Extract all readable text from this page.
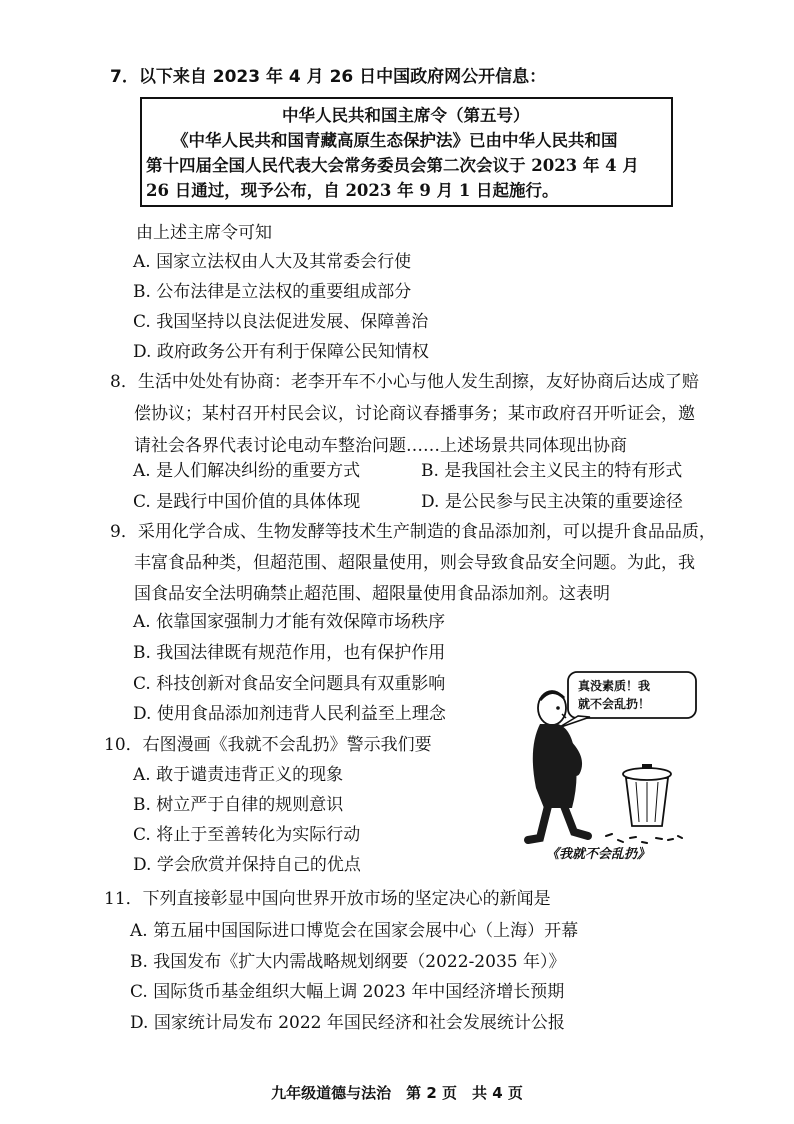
7．以下来自 2023 年 4 月 26 日中国政府网公开信息：
中华人民共和国主席令（第五号）
《中华人民共和国青藏高原生态保护法》已由中华人民共和国
第十四届全国人民代表大会常务委员会第二次会议于 2023 年 4 月
26 日通过，现予公布，自 2023 年 9 月 1 日起施行。
由上述主席令可知
A. 国家立法权由人大及其常委会行使
B. 公布法律是立法权的重要组成部分
C. 我国坚持以良法促进发展、保障善治
D. 政府政务公开有利于保障公民知情权
8．生活中处处有协商：老李开车不小心与他人发生刮擦，友好协商后达成了赔
偿协议；某村召开村民会议，讨论商议春播事务；某市政府召开听证会，邀
请社会各界代表讨论电动车整治问题……上述场景共同体现出协商
A. 是人们解决纠纷的重要方式	B. 是我国社会主义民主的特有形式
C. 是践行中国价值的具体体现	D. 是公民参与民主决策的重要途径
9．采用化学合成、生物发酵等技术生产制造的食品添加剂，可以提升食品品质，
丰富食品种类，但超范围、超限量使用，则会导致食品安全问题。为此，我
国食品安全法明确禁止超范围、超限量使用食品添加剂。这表明
A. 依靠国家强制力才能有效保障市场秩序
B. 我国法律既有规范作用，也有保护作用
C. 科技创新对食品安全问题具有双重影响
D. 使用食品添加剂违背人民利益至上理念
10．右图漫画《我就不会乱扔》警示我们要
A. 敢于谴责违背正义的现象
B. 树立严于自律的规则意识
C. 将止于至善转化为实际行动
D. 学会欣赏并保持自己的优点
真没素质！我
就不会乱扔！
《我就不会乱扔》
11．下列直接彰显中国向世界开放市场的坚定决心的新闻是
A. 第五届中国国际进口博览会在国家会展中心（上海）开幕
B. 我国发布《扩大内需战略规划纲要（2022-2035 年）》
C. 国际货币基金组织大幅上调 2023 年中国经济增长预期
D. 国家统计局发布 2022 年国民经济和社会发展统计公报
九年级道德与法治　第 2 页　共 4 页
